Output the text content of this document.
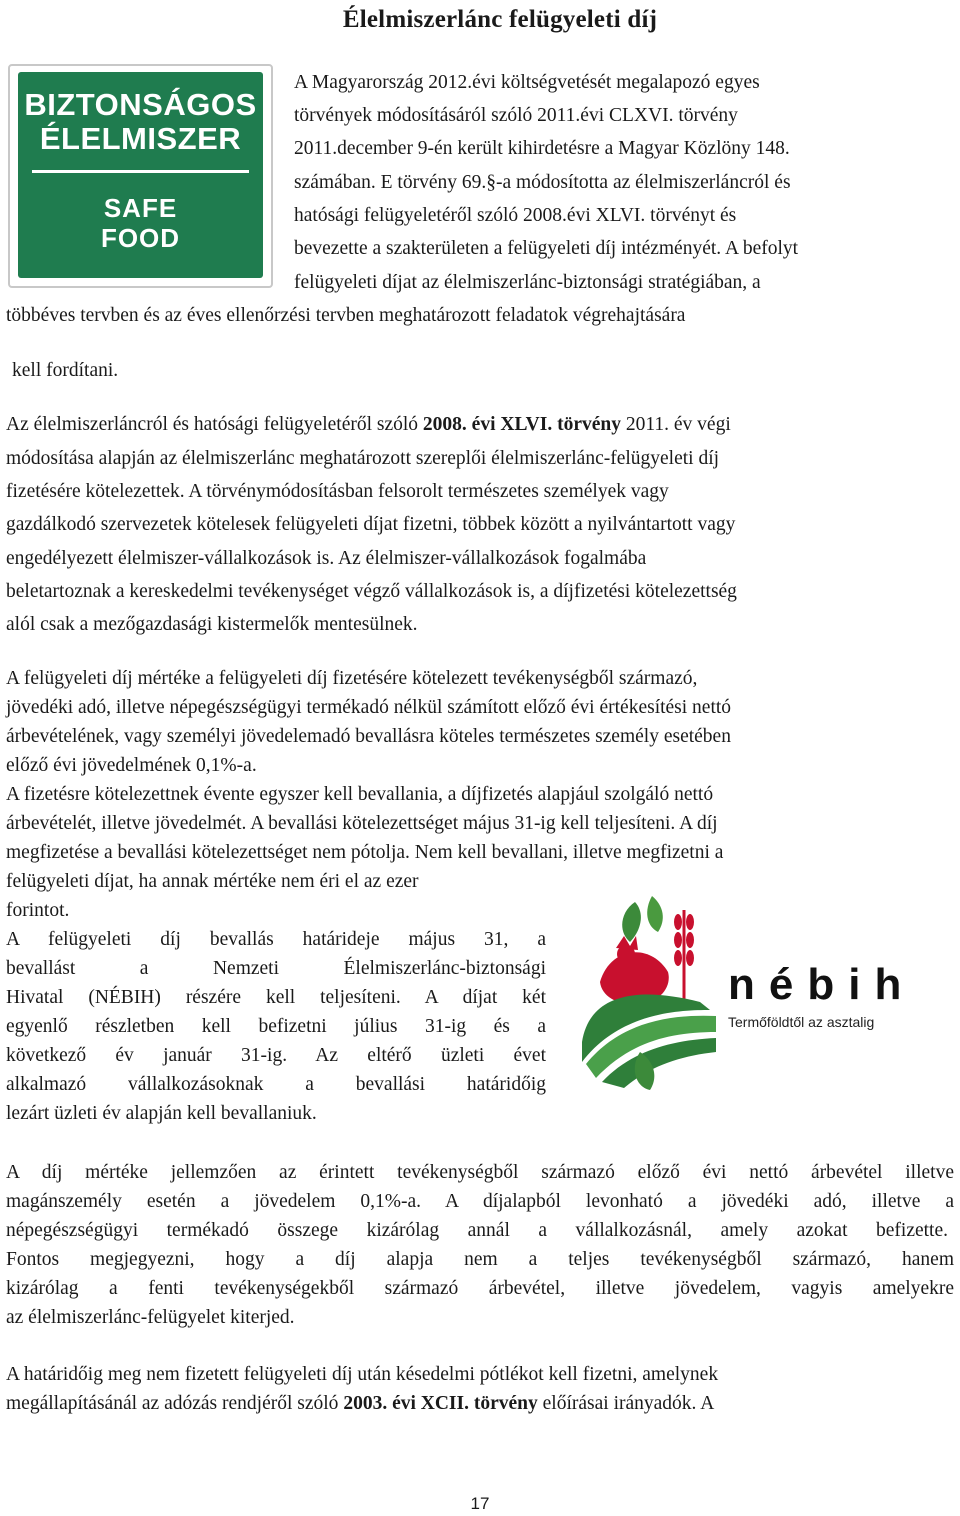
Élelmiszerlánc felügyeleti díj
BIZTONSÁGOS
ÉLELMISZER
SAFE
FOOD
A Magyarország 2012.évi költségvetését megalapozó egyes
törvények módosításáról szóló 2011.évi CLXVI. törvény
2011.december 9-én került kihirdetésre a Magyar Közlöny 148.
számában. E törvény 69.§-a módosította az élelmiszerláncról és
hatósági felügyeletéről szóló 2008.évi XLVI. törvényt és
bevezette a szakterületen a felügyeleti díj intézményét. A befolyt
felügyeleti díjat az élelmiszerlánc-biztonsági stratégiában, a
többéves tervben és az éves ellenőrzési tervben meghatározott feladatok végrehajtására
kell fordítani.
Az élelmiszerláncról és hatósági felügyeletéről szóló 2008. évi XLVI. törvény 2011. év végi
módosítása alapján az élelmiszerlánc meghatározott szereplői élelmiszerlánc-felügyeleti díj
fizetésére kötelezettek. A törvénymódosításban felsorolt természetes személyek vagy
gazdálkodó szervezetek kötelesek felügyeleti díjat fizetni, többek között a nyilvántartott vagy
engedélyezett élelmiszer-vállalkozások is. Az élelmiszer-vállalkozások fogalmába
beletartoznak a kereskedelmi tevékenységet végző vállalkozások is, a díjfizetési kötelezettség
alól csak a mezőgazdasági kistermelők mentesülnek.
A felügyeleti díj mértéke a felügyeleti díj fizetésére kötelezett tevékenységből származó,
jövedéki adó, illetve népegészségügyi termékadó nélkül számított előző évi értékesítési nettó
árbevételének, vagy személyi jövedelemadó bevallásra köteles természetes személy esetében
előző évi jövedelmének 0,1%-a.
A fizetésre kötelezettnek évente egyszer kell bevallania, a díjfizetés alapjául szolgáló nettó
árbevételét, illetve jövedelmét. A bevallási kötelezettséget május 31-ig kell teljesíteni. A díj
megfizetése a bevallási kötelezettséget nem pótolja. Nem kell bevallani, illetve megfizetni a
felügyeleti díjat, ha annak mértéke nem éri el az ezer
forintot.
A felügyeleti díj bevallás határideje május 31, a
bevallást a Nemzeti Élelmiszerlánc-biztonsági
Hivatal (NÉBIH) részére kell teljesíteni. A díjat két
egyenlő részletben kell befizetni július 31-ig és a
következő év január 31-ig. Az eltérő üzleti évet
alkalmazó vállalkozásoknak a bevallási határidőig
lezárt üzleti év alapján kell bevallaniuk.
nébih
Termőföldtől az asztalig
A díj mértéke jellemzően az érintett tevékenységből származó előző évi nettó árbevétel illetve
magánszemély esetén a jövedelem 0,1%-a. A díjalapból levonható a jövedéki adó, illetve a
népegészségügyi termékadó összege kizárólag annál a vállalkozásnál, amely azokat befizette.
Fontos megjegyezni, hogy a díj alapja nem a teljes tevékenységből származó, hanem
kizárólag a fenti tevékenységekből származó árbevétel, illetve jövedelem, vagyis amelyekre
az élelmiszerlánc-felügyelet kiterjed.
A határidőig meg nem fizetett felügyeleti díj után késedelmi pótlékot kell fizetni, amelynek
megállapításánál az adózás rendjéről szóló 2003. évi XCII. törvény előírásai irányadók. A
17
